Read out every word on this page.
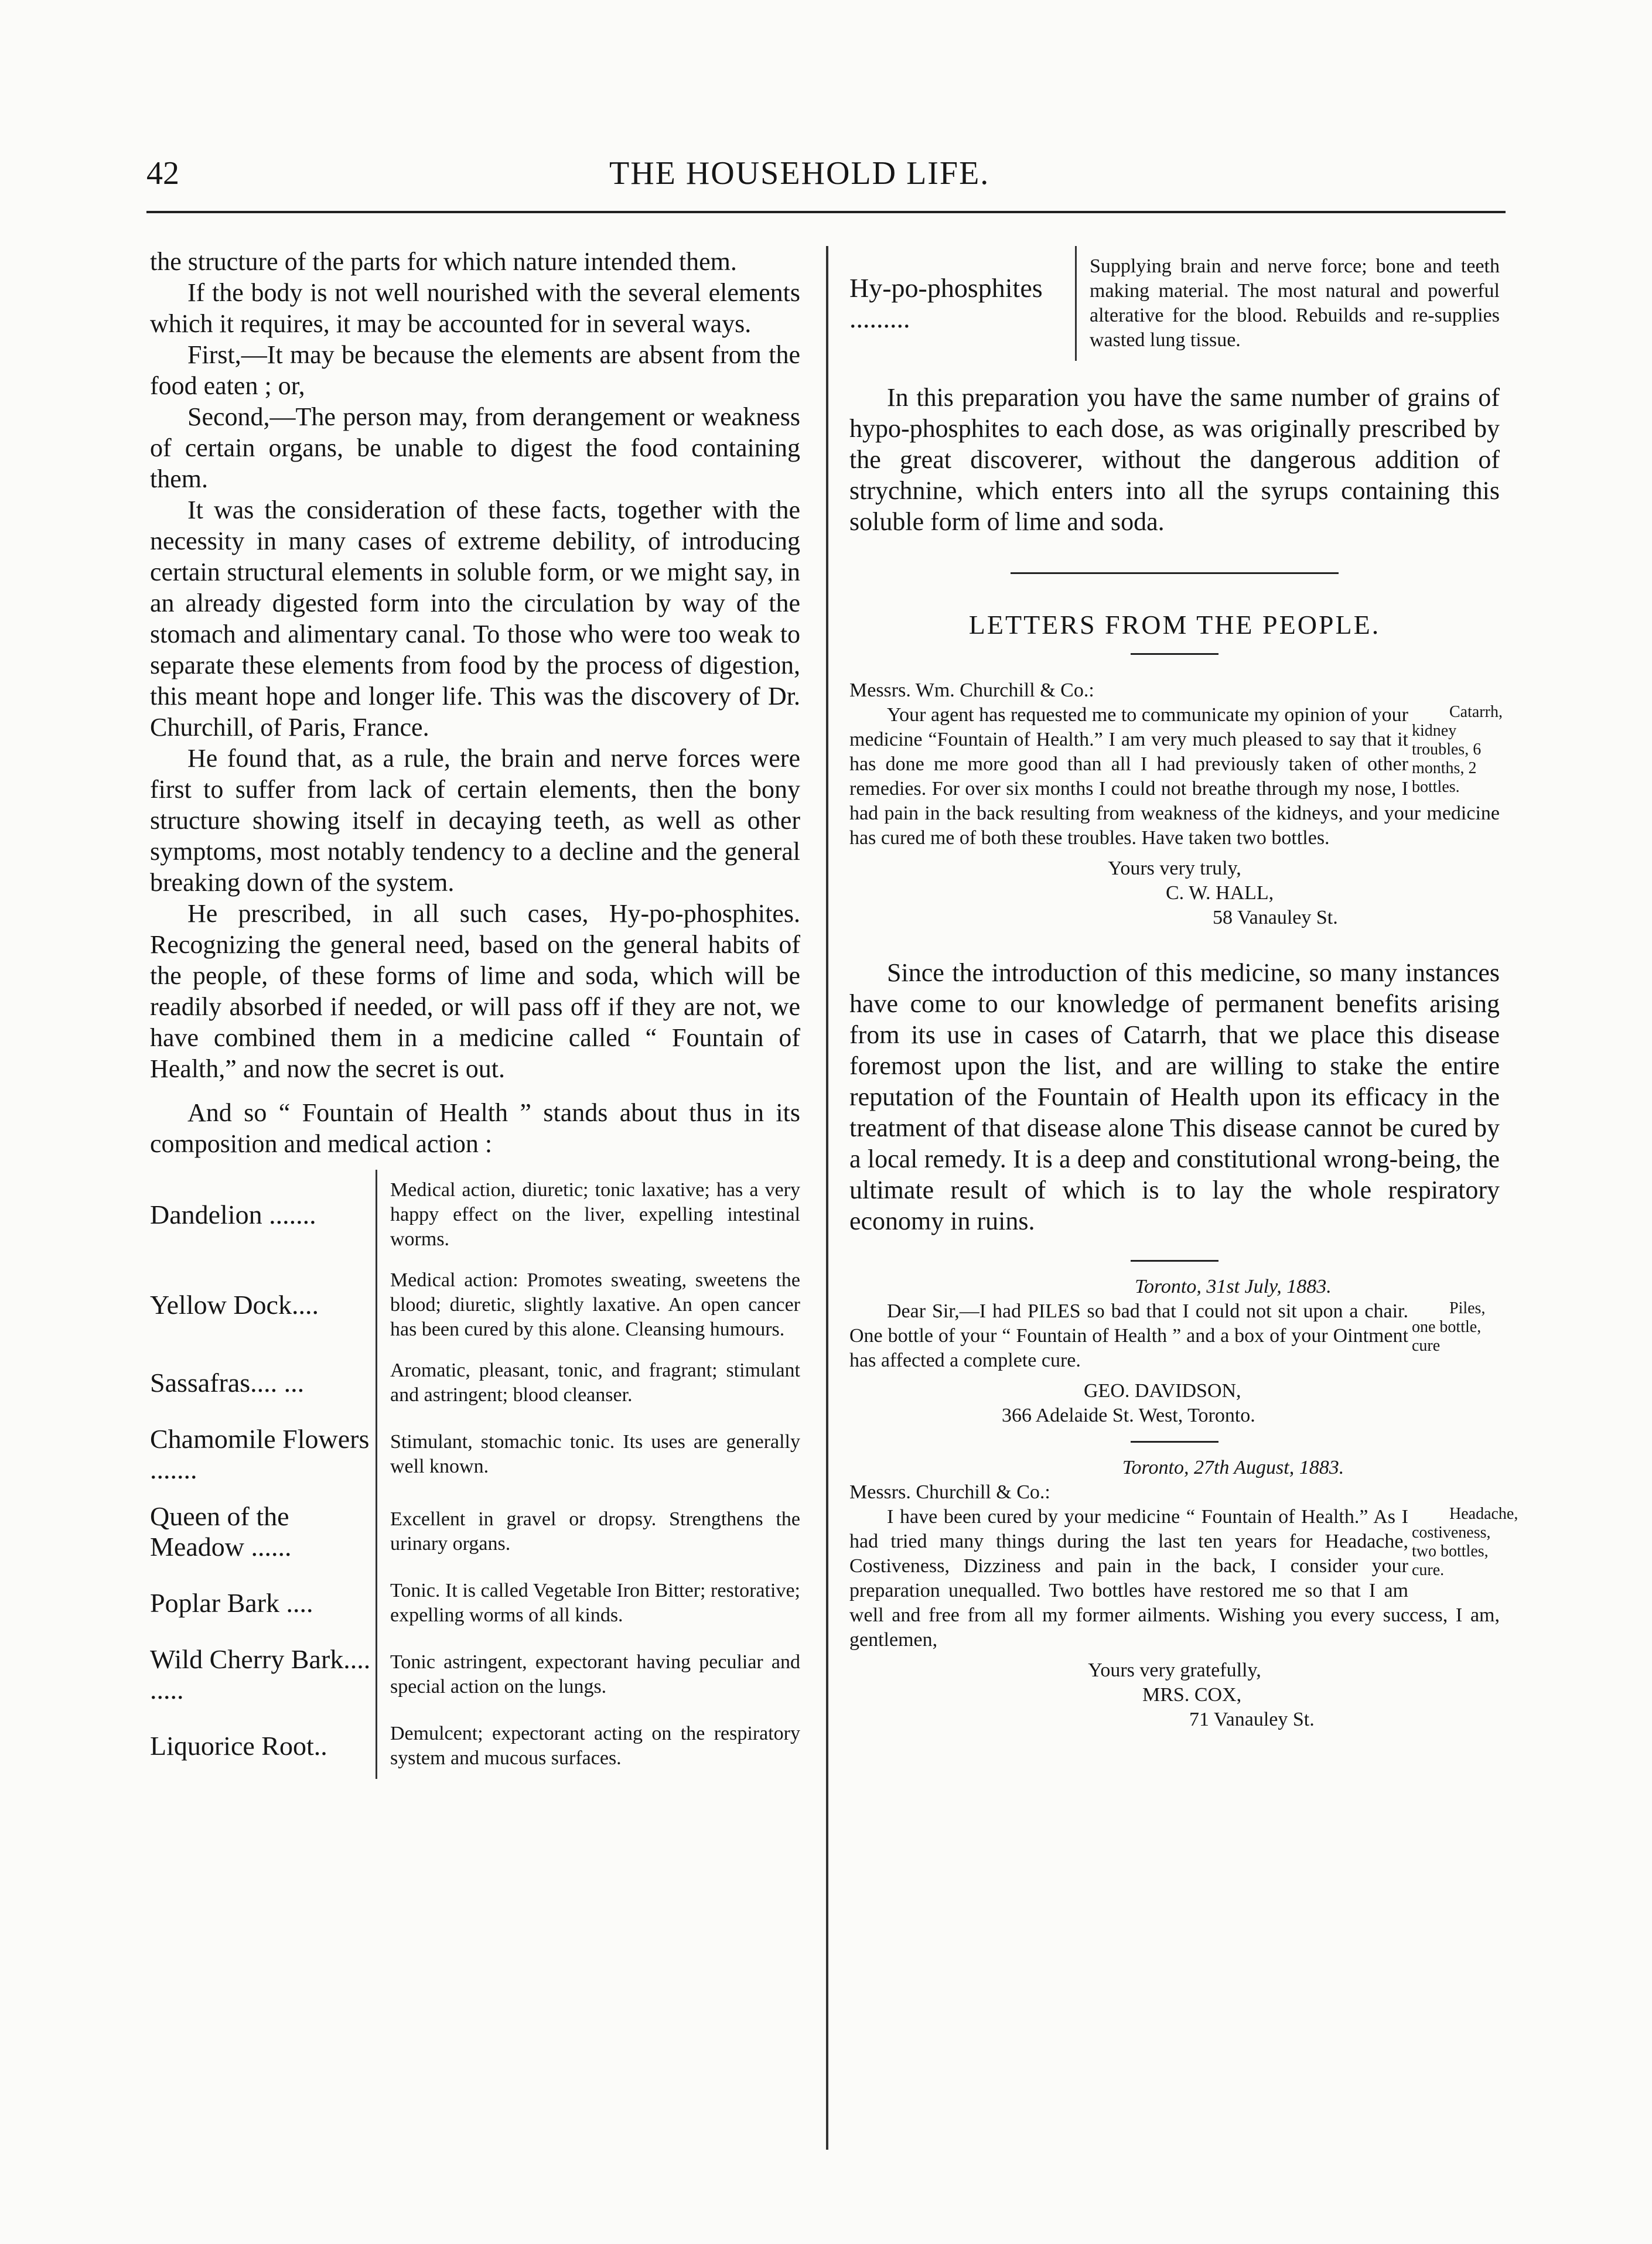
42	THE HOUSEHOLD LIFE.

the structure of the parts for which nature intended them.

If the body is not well nourished with the several elements which it requires, it may be accounted for in several ways.

First,—It may be because the elements are absent from the food eaten ; or,

Second,—The person may, from derangement or weakness of certain organs, be unable to digest the food containing them.

It was the consideration of these facts, together with the necessity in many cases of extreme debility, of introducing certain structural elements in soluble form, or we might say, in an already digested form into the circulation by way of the stomach and alimentary canal. To those who were too weak to separate these elements from food by the process of digestion, this meant hope and longer life. This was the discovery of Dr. Churchill, of Paris, France.

He found that, as a rule, the brain and nerve forces were first to suffer from lack of certain elements, then the bony structure showing itself in decaying teeth, as well as other symptoms, most notably tendency to a decline and the general breaking down of the system.

He prescribed, in all such cases, Hy-po-phosphites. Recognizing the general need, based on the general habits of the people, of these forms of lime and soda, which will be readily absorbed if needed, or will pass off if they are not, we have combined them in a medicine called “ Fountain of Health,” and now the secret is out.

And so “ Fountain of Health ” stands about thus in its composition and medical action :

Dandelion .......	Medical action, diuretic; tonic laxative; has a very happy effect on the liver, expelling intestinal worms.
Yellow Dock....	Medical action: Promotes sweating, sweetens the blood; diuretic, slightly laxative. An open cancer has been cured by this alone. Cleansing humours.
Sassafras.... ...	Aromatic, pleasant, tonic, and fragrant; stimulant and astringent; blood cleanser.
Chamomile Flowers .......	Stimulant, stomachic tonic. Its uses are generally well known.
Queen of the Meadow ......	Excellent in gravel or dropsy. Strengthens the urinary organs.
Poplar Bark ....	Tonic. It is called Vegetable Iron Bitter; restorative; expelling worms of all kinds.
Wild Cherry Bark.... .....	Tonic astringent, expectorant having peculiar and special action on the lungs.
Liquorice Root..	Demulcent; expectorant acting on the respiratory system and mucous surfaces.
Hy-po-phosphites .........	Supplying brain and nerve force; bone and teeth making material. The most natural and powerful alterative for the blood. Rebuilds and re-supplies wasted lung tissue.

In this preparation you have the same number of grains of hypo-phosphites to each dose, as was originally prescribed by the great discoverer, without the dangerous addition of strychnine, which enters into all the syrups containing this soluble form of lime and soda.

LETTERS FROM THE PEOPLE.

Messrs. Wm. Churchill & Co.:

Catarrh, kidney troubles, 6 months, 2 bottles.
Your agent has requested me to communicate my opinion of your medicine “Fountain of Health.” I am very much pleased to say that it has done me more good than all I had previously taken of other remedies. For over six months I could not breathe through my nose, I had pain in the back resulting from weakness of the kidneys, and your medicine has cured me of both these troubles. Have taken two bottles.

Yours very truly,

C. W. HALL,

58 Vanauley St.

Since the introduction of this medicine, so many instances have come to our knowledge of permanent benefits arising from its use in cases of Catarrh, that we place this disease foremost upon the list, and are willing to stake the entire reputation of the Fountain of Health upon its efficacy in the treatment of that disease alone This disease cannot be cured by a local remedy. It is a deep and constitutional wrong-being, the ultimate result of which is to lay the whole respiratory economy in ruins.

Toronto, 31st July, 1883.

Piles, one bottle, cure
Dear Sir,—I had PILES so bad that I could not sit upon a chair. One bottle of your “ Fountain of Health ” and a box of your Ointment has affected a complete cure.

GEO. DAVIDSON,

366 Adelaide St. West, Toronto.

Toronto, 27th August, 1883.

Messrs. Churchill & Co.:

Headache, costiveness, two bottles, cure.
I have been cured by your medicine “ Fountain of Health.” As I had tried many things during the last ten years for Headache, Costiveness, Dizziness and pain in the back, I consider your preparation unequalled. Two bottles have restored me so that I am well and free from all my former ailments. Wishing you every success, I am, gentlemen,

Yours very gratefully,

MRS. COX,

71 Vanauley St.
